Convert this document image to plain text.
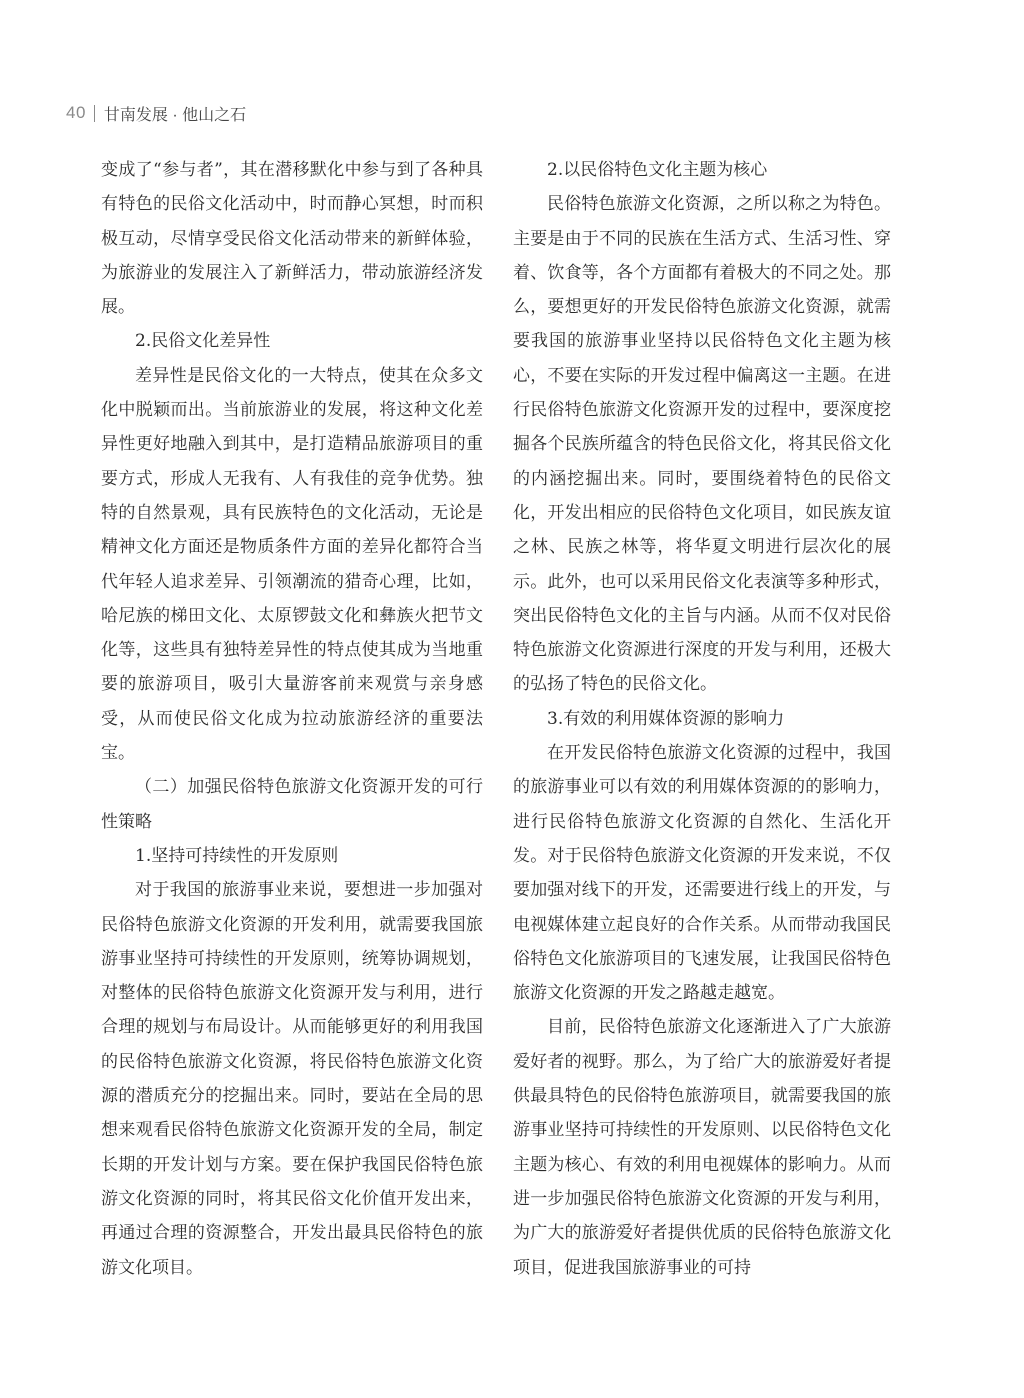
40 甘南发展 · 他山之石

变成了“参与者”，其在潜移默化中参与到了各种具有特色的民俗文化活动中，时而静心冥想，时而积极互动，尽情享受民俗文化活动带来的新鲜体验，为旅游业的发展注入了新鲜活力，带动旅游经济发展。

2.民俗文化差异性

差异性是民俗文化的一大特点，使其在众多文化中脱颖而出。当前旅游业的发展，将这种文化差异性更好地融入到其中，是打造精品旅游项目的重要方式，形成人无我有、人有我佳的竞争优势。独特的自然景观，具有民族特色的文化活动，无论是精神文化方面还是物质条件方面的差异化都符合当代年轻人追求差异、引领潮流的猎奇心理，比如，哈尼族的梯田文化、太原锣鼓文化和彝族火把节文化等，这些具有独特差异性的特点使其成为当地重要的旅游项目，吸引大量游客前来观赏与亲身感受，从而使民俗文化成为拉动旅游经济的重要法宝。

（二）加强民俗特色旅游文化资源开发的可行性策略

1.坚持可持续性的开发原则

对于我国的旅游事业来说，要想进一步加强对民俗特色旅游文化资源的开发利用，就需要我国旅游事业坚持可持续性的开发原则，统筹协调规划，对整体的民俗特色旅游文化资源开发与利用，进行合理的规划与布局设计。从而能够更好的利用我国的民俗特色旅游文化资源，将民俗特色旅游文化资源的潜质充分的挖掘出来。同时，要站在全局的思想来观看民俗特色旅游文化资源开发的全局，制定长期的开发计划与方案。要在保护我国民俗特色旅游文化资源的同时，将其民俗文化价值开发出来，再通过合理的资源整合，开发出最具民俗特色的旅游文化项目。

2.以民俗特色文化主题为核心

民俗特色旅游文化资源，之所以称之为特色。主要是由于不同的民族在生活方式、生活习性、穿着、饮食等，各个方面都有着极大的不同之处。那么，要想更好的开发民俗特色旅游文化资源，就需要我国的旅游事业坚持以民俗特色文化主题为核心，不要在实际的开发过程中偏离这一主题。在进行民俗特色旅游文化资源开发的过程中，要深度挖掘各个民族所蕴含的特色民俗文化，将其民俗文化的内涵挖掘出来。同时，要围绕着特色的民俗文化，开发出相应的民俗特色文化项目，如民族友谊之林、民族之林等，将华夏文明进行层次化的展示。此外，也可以采用民俗文化表演等多种形式，突出民俗特色文化的主旨与内涵。从而不仅对民俗特色旅游文化资源进行深度的开发与利用，还极大的弘扬了特色的民俗文化。

3.有效的利用媒体资源的影响力

在开发民俗特色旅游文化资源的过程中，我国的旅游事业可以有效的利用媒体资源的的影响力，进行民俗特色旅游文化资源的自然化、生活化开发。对于民俗特色旅游文化资源的开发来说，不仅要加强对线下的开发，还需要进行线上的开发，与电视媒体建立起良好的合作关系。从而带动我国民俗特色文化旅游项目的飞速发展，让我国民俗特色旅游文化资源的开发之路越走越宽。

目前，民俗特色旅游文化逐渐进入了广大旅游爱好者的视野。那么，为了给广大的旅游爱好者提供最具特色的民俗特色旅游项目，就需要我国的旅游事业坚持可持续性的开发原则、以民俗特色文化主题为核心、有效的利用电视媒体的影响力。从而进一步加强民俗特色旅游文化资源的开发与利用，为广大的旅游爱好者提供优质的民俗特色旅游文化项目，促进我国旅游事业的可持
